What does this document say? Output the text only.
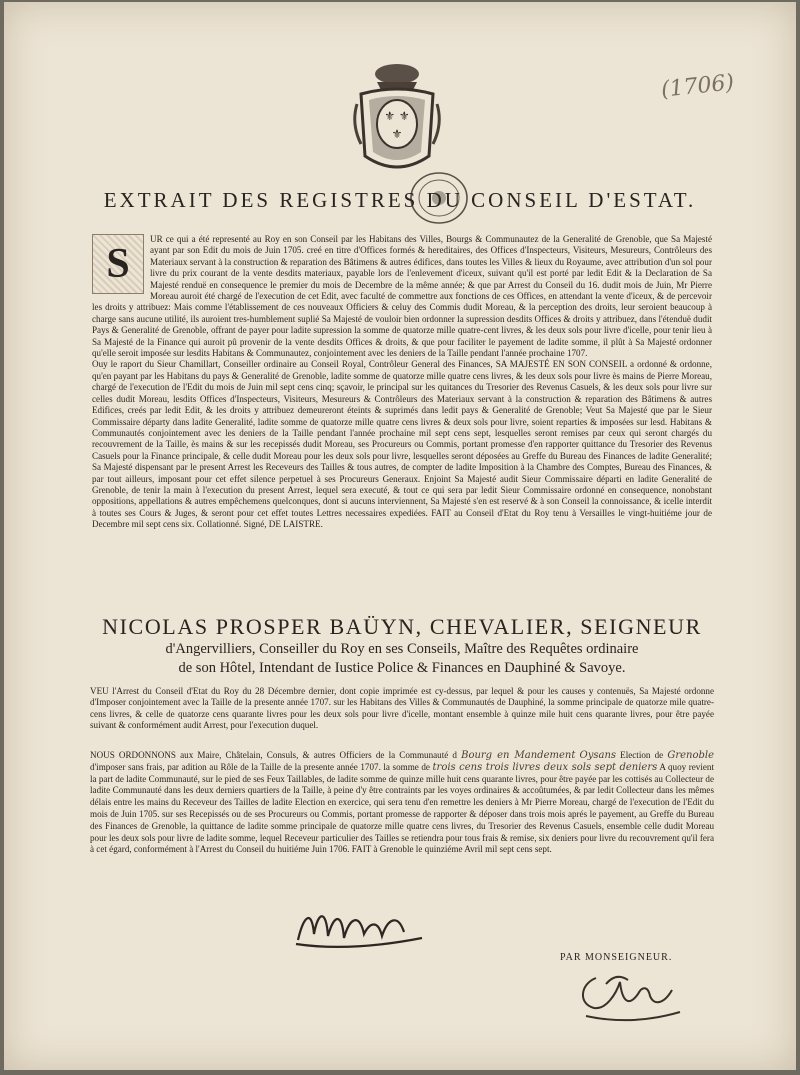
(1706)
⚜ ⚜
⚜
EXTRAIT DES REGISTRES DU CONSEIL D'ESTAT.
S

UR ce qui a été representé au Roy en son Conseil par les Habitans des Villes, Bourgs & Communautez de la Generalité de Grenoble, que Sa Majesté ayant par son Edit du mois de Juin 1705. creé en titre d'Offices formés & hereditaires, des Offices d'Inspecteurs, Visiteurs, Mesureurs, Contrôleurs des Materiaux servant à la construction & reparation des Bâtimens & autres édifices, dans toutes les Villes & lieux du Royaume, avec attribution d'un sol pour livre du prix courant de la vente desdits materiaux, payable lors de l'enlevement d'iceux, suivant qu'il est porté par ledit Edit & la Declaration de Sa Majesté renduë en consequence le premier du mois de Decembre de la même année; & que par Arrest du Conseil du 16. dudit mois de Juin, Mr Pierre Moreau auroit été chargé de l'execution de cet Edit, avec faculté de commettre aux fonctions de ces Offices, en attendant la vente d'iceux, & de percevoir les droits y attribuez: Mais comme l'établissement de ces nouveaux Officiers & celuy des Commis dudit Moreau, & la perception des droits, leur seroient beaucoup à charge sans aucune utilité, ils auroient tres-humblement suplié Sa Majesté de vouloir bien ordonner la supression desdits Offices & droits y attribuez, dans l'étenduë dudit Pays & Generalité de Grenoble, offrant de payer pour ladite supression la somme de quatorze mille quatre-cent livres, & les deux sols pour livre d'icelle, pour tenir lieu à Sa Majesté de la Finance qui auroit pû provenir de la vente desdits Offices & droits, & que pour faciliter le payement de ladite somme, il plût à Sa Majesté ordonner qu'elle seroit imposée sur lesdits Habitans & Communautez, conjointement avec les deniers de la Taille pendant l'année prochaine 1707.

Ouy le raport du Sieur Chamillart, Conseiller ordinaire au Conseil Royal, Contrôleur General des Finances, SA MAJESTÉ EN SON CONSEIL a ordonné & ordonne, qu'en payant par les Habitans du pays & Generalité de Grenoble, ladite somme de quatorze mille quatre cens livres, & les deux sols pour livre ès mains de Pierre Moreau, chargé de l'execution de l'Edit du mois de Juin mil sept cens cinq; sçavoir, le principal sur les quitances du Tresorier des Revenus Casuels, & les deux sols pour livre sur celles dudit Moreau, lesdits Offices d'Inspecteurs, Visiteurs, Mesureurs & Contrôleurs des Materiaux servant à la construction & reparation des Bâtimens & autres Edifices, creés par ledit Edit, & les droits y attribuez demeureront éteints & suprimés dans ledit pays & Generalité de Grenoble; Veut Sa Majesté que par le Sieur Commissaire départy dans ladite Generalité, ladite somme de quatorze mille quatre cens livres & deux sols pour livre, soient reparties & imposées sur lesd. Habitans & Communautés conjointement avec les deniers de la Taille pendant l'année prochaine mil sept cens sept, lesquelles seront remises par ceux qui seront chargés du recouvrement de la Taille, ès mains & sur les recepissés dudit Moreau, ses Procureurs ou Commis, portant promesse d'en rapporter quittance du Tresorier des Revenus Casuels pour la Finance principale, & celle dudit Moreau pour les deux sols pour livre, lesquelles seront déposées au Greffe du Bureau des Finances de ladite Generalité; Sa Majesté dispensant par le present Arrest les Receveurs des Tailles & tous autres, de compter de ladite Imposition à la Chambre des Comptes, Bureau des Finances, & par tout ailleurs, imposant pour cet effet silence perpetuel à ses Procureurs Generaux. Enjoint Sa Majesté audit Sieur Commissaire départi en ladite Generalité de Grenoble, de tenir la main à l'execution du present Arrest, lequel sera executé, & tout ce qui sera par ledit Sieur Commissaire ordonné en consequence, nonobstant oppositions, appellations & autres empêchemens quelconques, dont si aucuns interviennent, Sa Majesté s'en est reservé & à son Conseil la connoissance, & icelle interdit à toutes ses Cours & Juges, & seront pour cet effet toutes Lettres necessaires expediées. FAIT au Conseil d'Etat du Roy tenu à Versailles le vingt-huitiéme jour de Decembre mil sept cens six. Collationné. Signé, DE LAISTRE.

NICOLAS PROSPER BAÜYN, CHEVALIER, SEIGNEUR
d'Angervilliers, Conseiller du Roy en ses Conseils, Maître des Requêtes ordinaire
de son Hôtel, Intendant de Iustice Police & Finances en Dauphiné & Savoye.
VEU l'Arrest du Conseil d'Etat du Roy du 28 Décembre dernier, dont copie imprimée est cy-dessus, par lequel & pour les causes y contenuës, Sa Majesté ordonne d'Imposer conjointement avec la Taille de la presente année 1707. sur les Habitans des Villes & Communautés de Dauphiné, la somme principale de quatorze mile quatre-cens livres, & celle de quatorze cens quarante livres pour les deux sols pour livre d'icelle, montant ensemble à quinze mile huit cens quarante livres, pour être payée suivant & conformément audit Arrest, pour l'execution duquel.
NOUS ORDONNONS aux Maire, Châtelain, Consuls, & autres Officiers de la Communauté d Bourg en Mandement Oysans Election de Grenoble d'imposer sans frais, par adition au Rôle de la Taille de la presente année 1707. la somme de trois cens trois livres deux sols sept deniers A quoy revient la part de ladite Communauté, sur le pied de ses Feux Taillables, de ladite somme de quinze mille huit cens quarante livres, pour être payée par les cottisés au Collecteur de ladite Communauté dans les deux derniers quartiers de la Taille, à peine d'y être contraints par les voyes ordinaires & accoûtumées, & par ledit Collecteur dans les mêmes délais entre les mains du Receveur des Tailles de ladite Election en exercice, qui sera tenu d'en remettre les deniers à Mr Pierre Moreau, chargé de l'execution de l'Edit du mois de Juin 1705. sur ses Recepissés ou de ses Procureurs ou Commis, portant promesse de rapporter & déposer dans trois mois aprés le payement, au Greffe du Bureau des Finances de Grenoble, la quittance de ladite somme principale de quatorze mille quatre cens livres, du Tresorier des Revenus Casuels, ensemble celle dudit Moreau pour les deux sols pour livre de ladite somme, lequel Receveur particulier des Tailles se retiendra pour tous frais & remise, six deniers pour livre du recouvrement qu'il fera à cet égard, conformément à l'Arrest du Conseil du huitiéme Juin 1706. FAIT à Grenoble le quinziéme Avril mil sept cens sept.
PAR MONSEIGNEUR.
